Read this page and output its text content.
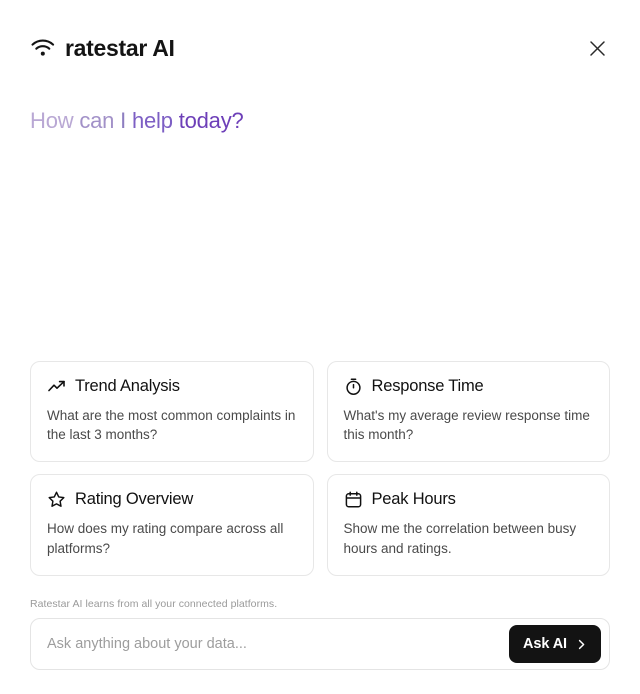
ratestar AI
How can I help today?
Trend Analysis
What are the most common complaints in the last 3 months?
Response Time
What's my average review response time this month?
Rating Overview
How does my rating compare across all platforms?
Peak Hours
Show me the correlation between busy hours and ratings.
Ratestar AI learns from all your connected platforms.
Ask anything about your data...
Ask AI
